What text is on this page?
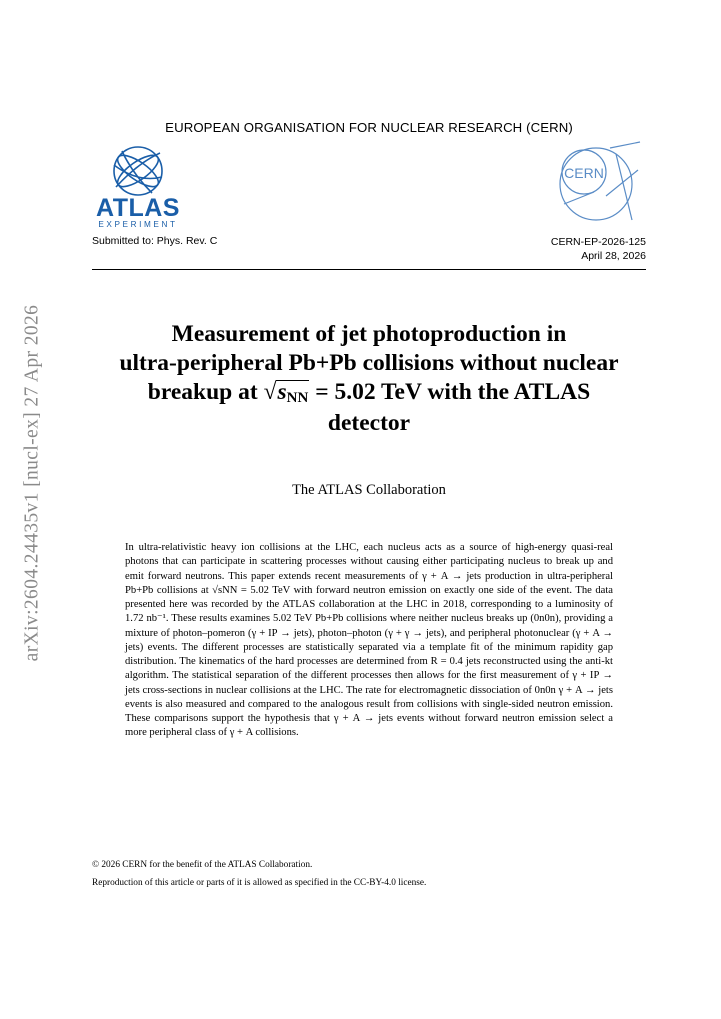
arXiv:2604.24435v1 [nucl-ex] 27 Apr 2026
EUROPEAN ORGANISATION FOR NUCLEAR RESEARCH (CERN)
ATLAS
EXPERIMENT
CERN
Submitted to: Phys. Rev. C	CERN-EP-2026-125
April 28, 2026
Measurement of jet photoproduction in
ultra-peripheral Pb+Pb collisions without nuclear
breakup at $√s_{NN} = 5.02$ TeV with the ATLAS
detector
The ATLAS Collaboration

In ultra-relativistic heavy ion collisions at the LHC, each nucleus acts as a source of high-energy quasi-real photons that can participate in scattering processes without causing either participating nucleus to break up and emit forward neutrons. This paper extends recent measurements of γ + A → jets production in ultra-peripheral Pb+Pb collisions at √sNN = 5.02 TeV with forward neutron emission on exactly one side of the event. The data presented here was recorded by the ATLAS collaboration at the LHC in 2018, corresponding to a luminosity of 1.72 nb⁻¹. These results examines 5.02 TeV Pb+Pb collisions where neither nucleus breaks up (0n0n), providing a mixture of photon–pomeron (γ + IP → jets), photon–photon (γ + γ → jets), and peripheral photonuclear (γ + A → jets) events. The different processes are statistically separated via a template fit of the minimum rapidity gap distribution. The kinematics of the hard processes are determined from R = 0.4 jets reconstructed using the anti-kt algorithm. The statistical separation of the different processes then allows for the first measurement of γ + IP → jets cross-sections in nuclear collisions at the LHC. The rate for electromagnetic dissociation of 0n0n γ + A → jets events is also measured and compared to the analogous result from collisions with single-sided neutron emission. These comparisons support the hypothesis that γ + A → jets events without forward neutron emission select a more peripheral class of γ + A collisions.

© 2026 CERN for the benefit of the ATLAS Collaboration.
Reproduction of this article or parts of it is allowed as specified in the CC-BY-4.0 license.
